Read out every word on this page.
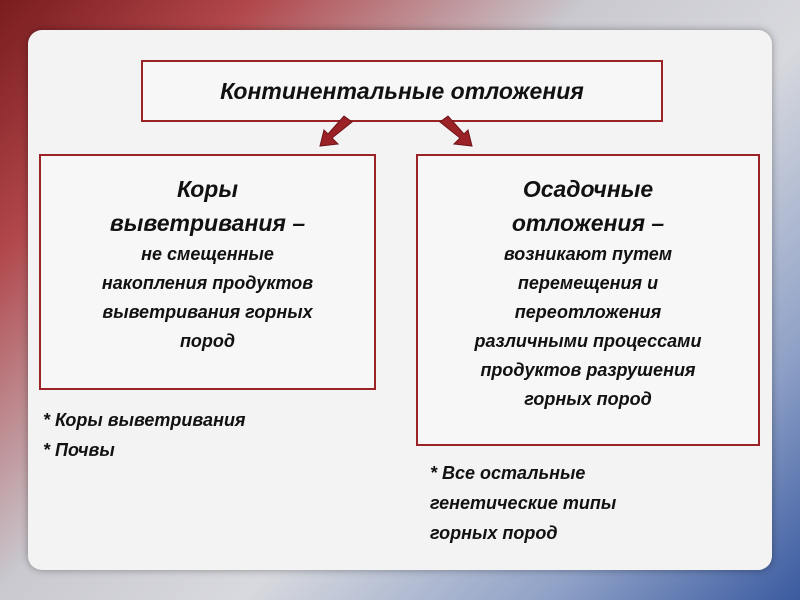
Континентальные отложения
Коры
выветривания –
не смещенные
накопления продуктов
выветривания горных
пород
Осадочные
отложения –
возникают путем
перемещения и
переотложения
различными процессами
продуктов разрушения
горных пород
* Коры выветривания
* Почвы
* Все остальные
генетические типы
горных пород
